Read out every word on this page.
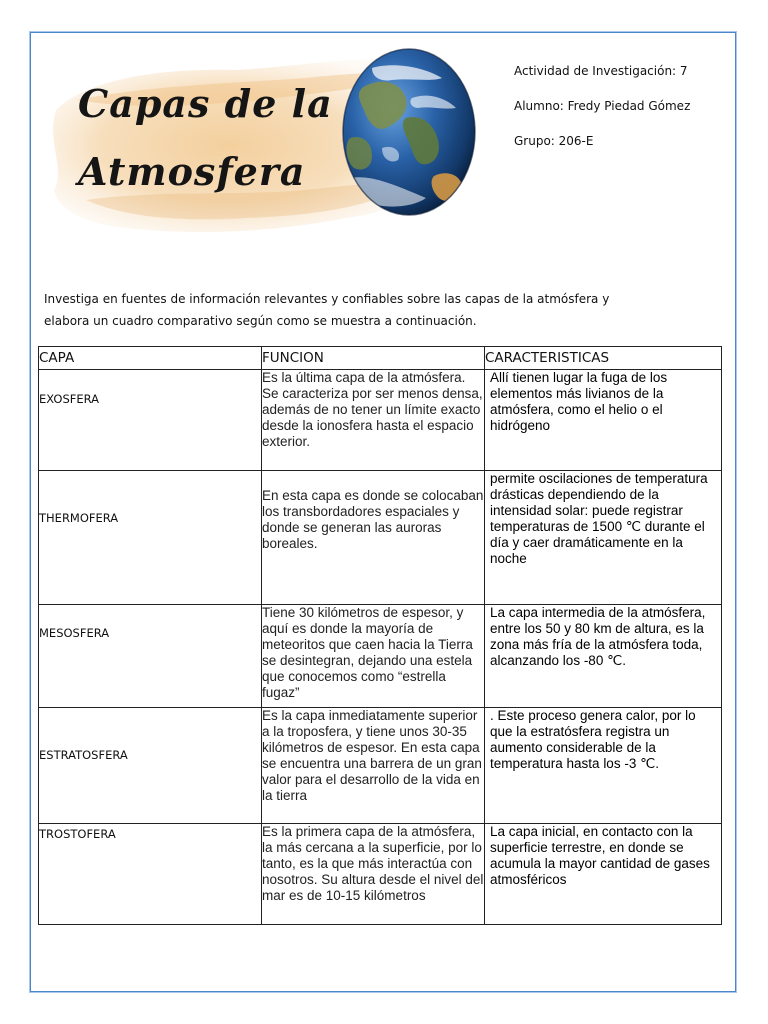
Capas de la
Atmosfera
Actividad de Investigación: 7
Alumno: Fredy Piedad Gómez
Grupo: 206-E

Investiga en fuentes de información relevantes y confiables sobre las capas de la atmósfera y
elabora un cuadro comparativo según como se muestra a continuación.

CAPA	FUNCION	CARACTERISTICAS
EXOSFERA	Es la última capa de la atmósfera. Se caracteriza por ser menos densa, además de no tener un límite exacto desde la ionosfera hasta el espacio exterior.	Allí tienen lugar la fuga de los elementos más livianos de la atmósfera, como el helio o el hidrógeno
THERMOFERA	En esta capa es donde se colocaban los transbordadores espaciales y donde se generan las auroras boreales.	permite oscilaciones de temperatura drásticas dependiendo de la intensidad solar: puede registrar temperaturas de 1500 ℃ durante el día y caer dramáticamente en la noche
MESOSFERA	Tiene 30 kilómetros de espesor, y aquí es donde la mayoría de meteoritos que caen hacia la Tierra se desintegran, dejando una estela que conocemos como “estrella fugaz”	La capa intermedia de la atmósfera, entre los 50 y 80 km de altura, es la zona más fría de la atmósfera toda, alcanzando los -80 ℃.
ESTRATOSFERA	Es la capa inmediatamente superior a la troposfera, y tiene unos 30-35 kilómetros de espesor. En esta capa se encuentra una barrera de un gran valor para el desarrollo de la vida en la tierra	. Este proceso genera calor, por lo que la estratósfera registra un aumento considerable de la temperatura hasta los -3 ℃.
TROSTOFERA	Es la primera capa de la atmósfera, la más cercana a la superficie, por lo tanto, es la que más interactúa con nosotros. Su altura desde el nivel del mar es de 10-15 kilómetros	La capa inicial, en contacto con la superficie terrestre, en donde se acumula la mayor cantidad de gases atmosféricos
